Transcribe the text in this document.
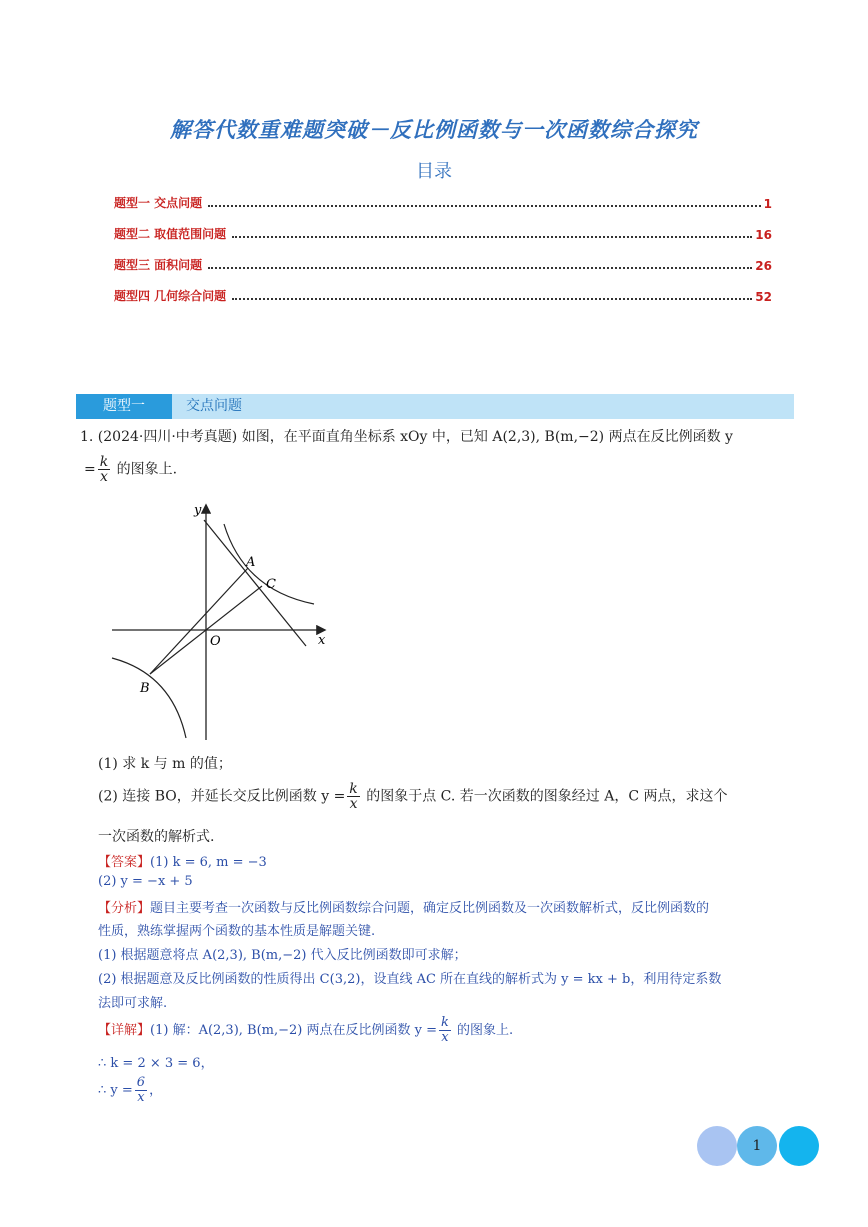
解答代数重难题突破－反比例函数与一次函数综合探究
目录
题型一 交点问题	1
题型二 取值范围问题	16
题型三 面积问题	26
题型四 几何综合问题	52
题型一	交点问题
1. (2024·四川·中考真题) 如图，在平面直角坐标系 xOy 中，已知 A(2,3), B(m,−2) 两点在反比例函数 y
= $\frac{k}{x}$ 的图象上.
y
x
O
A
C
B
(1) 求 k 与 m 的值；
(2) 连接 BO，并延长交反比例函数 $y = \frac{k}{x}$ 的图象于点 C. 若一次函数的图象经过 A，C 两点，求这个
一次函数的解析式.
【答案】(1) k = 6, m = −3
(2) y = −x + 5
【分析】题目主要考查一次函数与反比例函数综合问题，确定反比例函数及一次函数解析式，反比例函数的
性质，熟练掌握两个函数的基本性质是解题关键.
(1) 根据题意将点 A(2,3), B(m,−2) 代入反比例函数即可求解；
(2) 根据题意及反比例函数的性质得出 C(3,2)，设直线 AC 所在直线的解析式为 y = kx + b，利用待定系数
法即可求解.
【详解】(1) 解：A(2,3), B(m,−2) 两点在反比例函数 $y = \frac{k}{x}$ 的图象上.
∴ k = 2 × 3 = 6，
∴ $y = \frac{6}{x}$ ，
1
